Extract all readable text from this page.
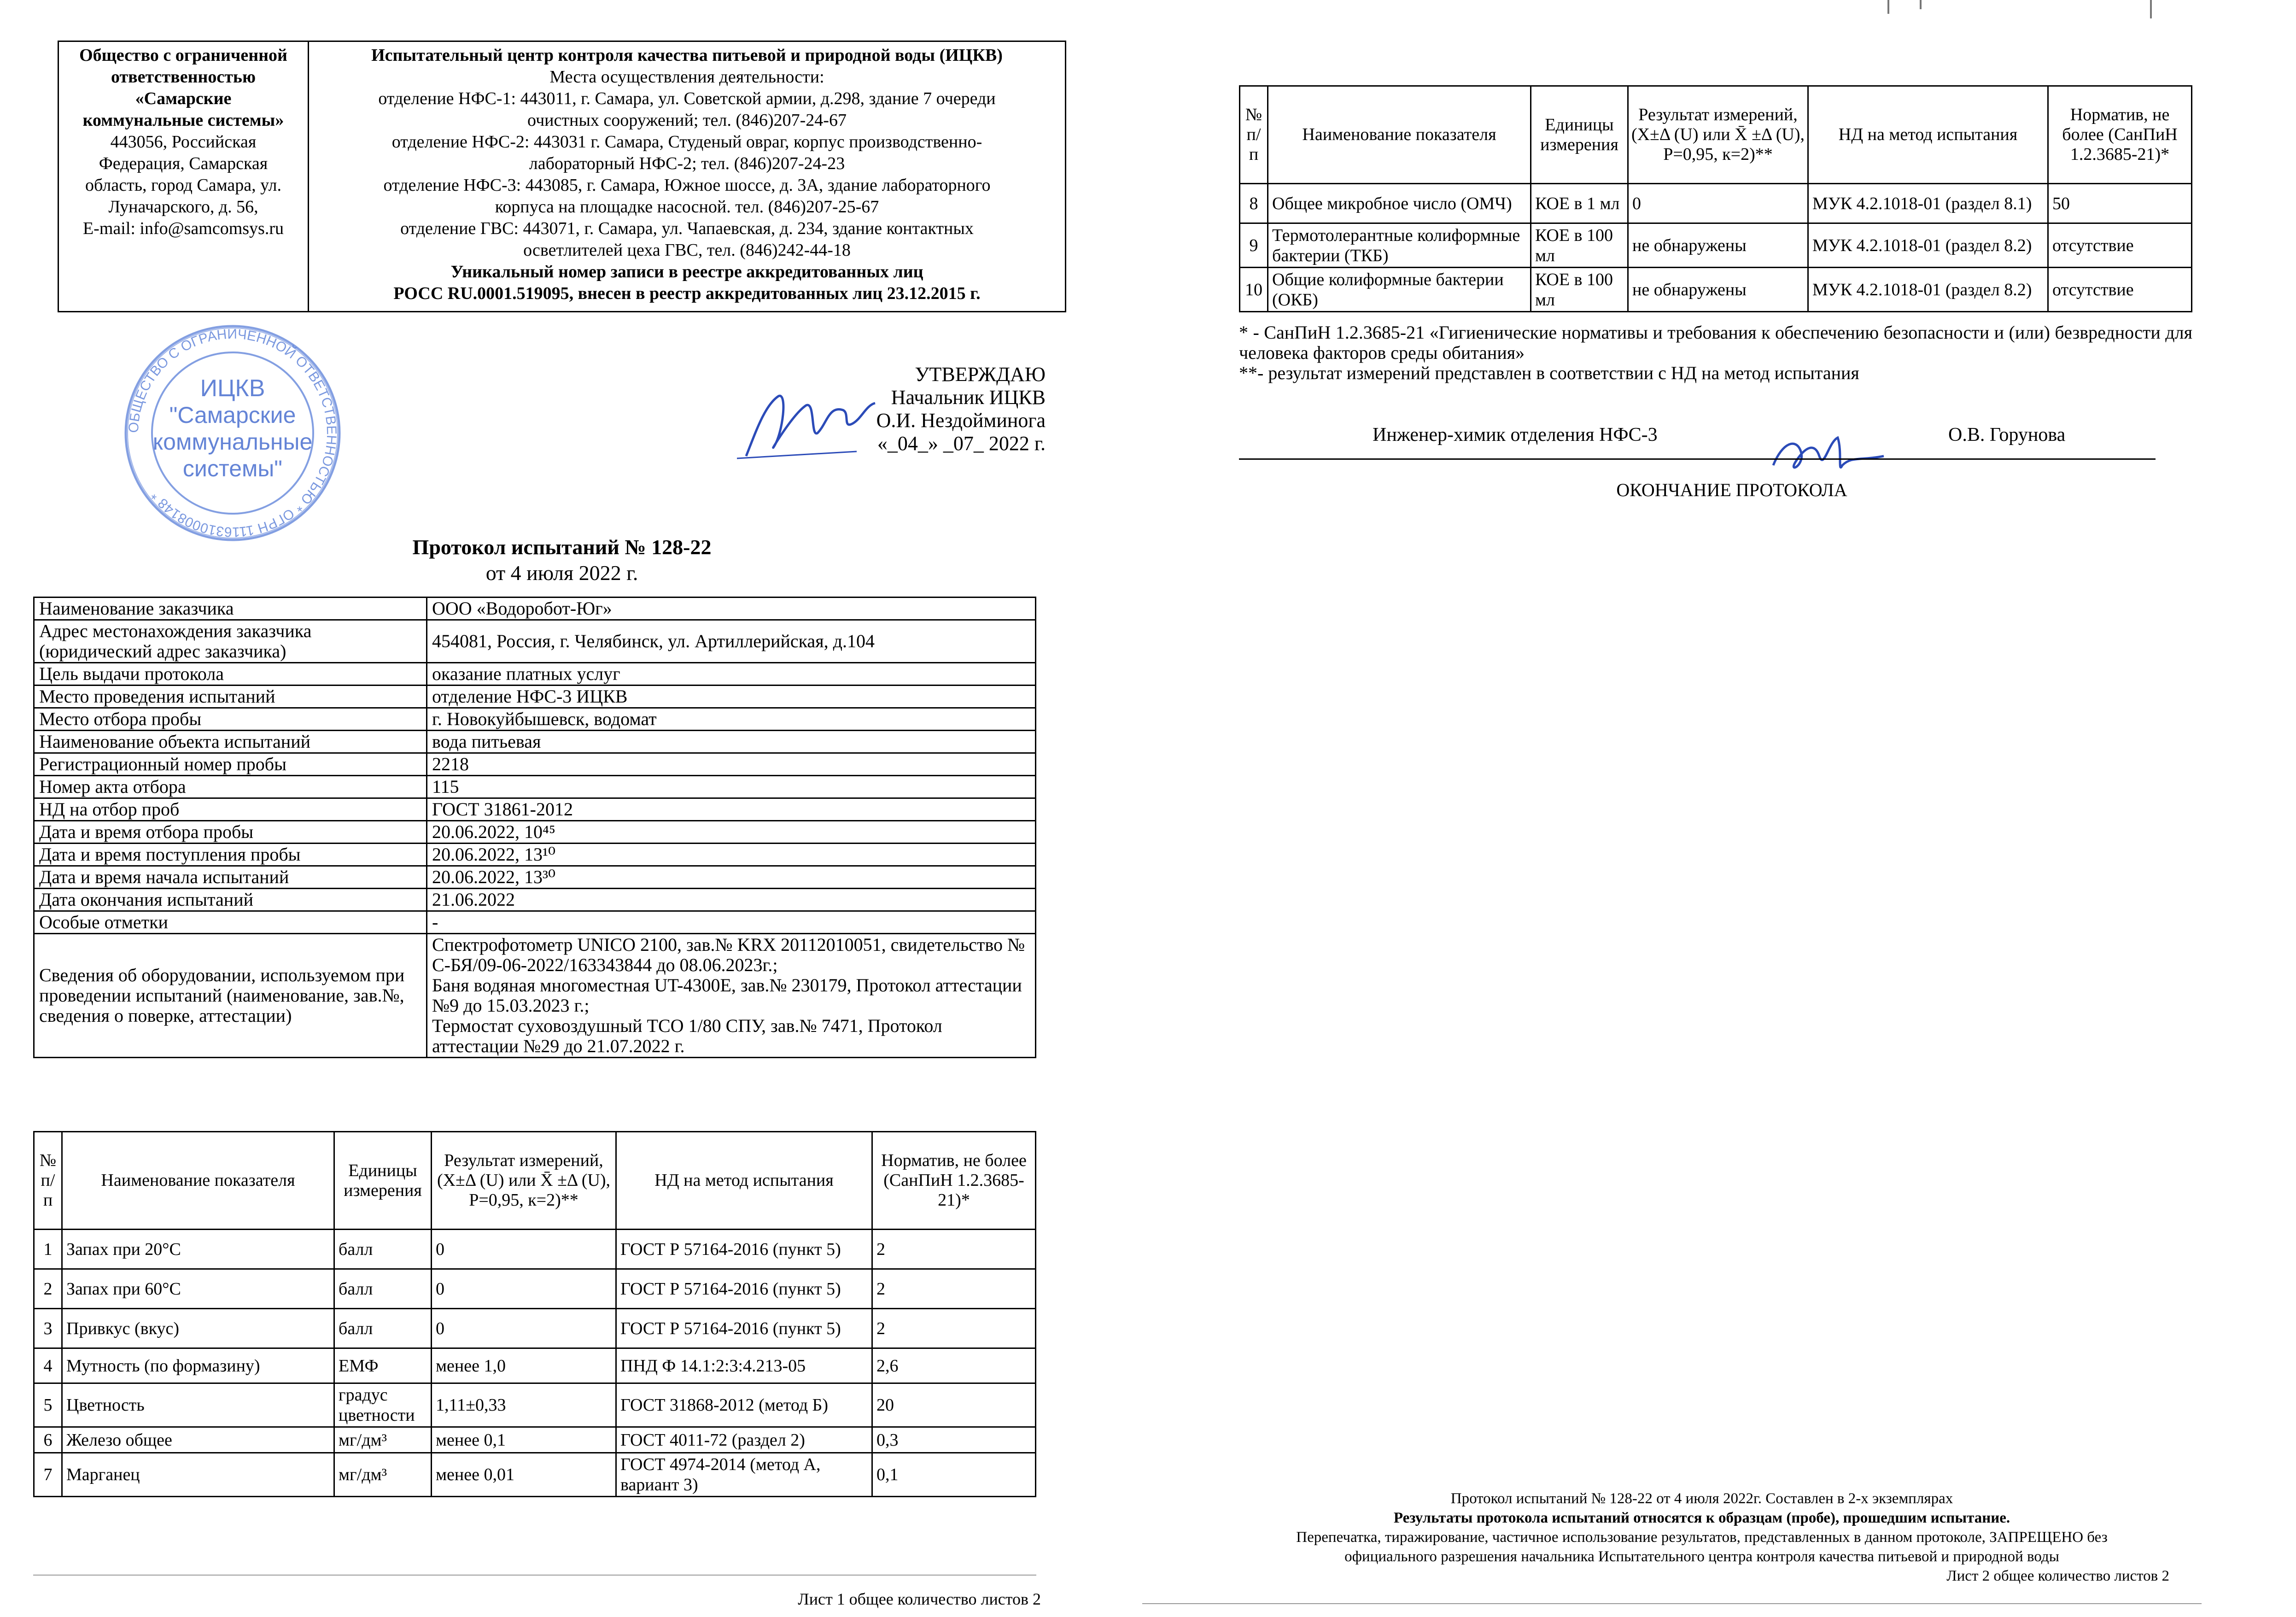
Общество с ограниченной
ответственностью
«Самарские
коммунальные системы»
443056, Российская
Федерация, Самарская
область, город Самара, ул.
Луначарского, д. 56,
E-mail: info@samcomsys.ru	Испытательный центр контроля качества питьевой и природной воды (ИЦКВ)
Места осуществления деятельности:
отделение НФС-1: 443011, г. Самара, ул. Советской армии, д.298, здание 7 очереди
очистных сооружений; тел. (846)207-24-67
отделение НФС-2: 443031 г. Самара, Студеный овраг, корпус производственно-
лабораторный НФС-2; тел. (846)207-24-23
отделение НФС-3: 443085, г. Самара, Южное шоссе, д. 3А, здание лабораторного
корпуса на площадке насосной. тел. (846)207-25-67
отделение ГВС: 443071, г. Самара, ул. Чапаевская, д. 234, здание контактных
осветлителей цеха ГВС, тел. (846)242-44-18
Уникальный номер записи в реестре аккредитованных лиц
РОСС RU.0001.519095, внесен в реестр аккредитованных лиц 23.12.2015 г.
ОБЩЕСТВО С ОГРАНИЧЕННОЙ ОТВЕТСТВЕННОСТЬЮ * ОГРН 1116310008148 *
ИЦКВ
"Самарские
коммунальные
системы"
УТВЕРЖДАЮ
Начальник ИЦКВ
О.И. Нездойминога
«_04_» _07_ 2022 г.
Протокол испытаний № 128-22
от 4 июля 2022 г.
Наименование заказчика	ООО «Водоробот-Юг»
Адрес местонахождения заказчика (юридический адрес заказчика)	454081, Россия, г. Челябинск, ул. Артиллерийская, д.104
Цель выдачи протокола	оказание платных услуг
Место проведения испытаний	отделение НФС-3 ИЦКВ
Место отбора пробы	г. Новокуйбышевск, водомат
Наименование объекта испытаний	вода питьевая
Регистрационный номер пробы	2218
Номер акта отбора	115
НД на отбор проб	ГОСТ 31861-2012
Дата и время отбора пробы	20.06.2022, 10⁴⁵
Дата и время поступления пробы	20.06.2022, 13¹⁰
Дата и время начала испытаний	20.06.2022, 13³⁰
Дата окончания испытаний	21.06.2022
Особые отметки	-
Сведения об оборудовании, используемом при проведении испытаний (наименование, зав.№, сведения о поверке, аттестации)	Спектрофотометр UNICO 2100, зав.№ KRX 20112010051, свидетельство № С-БЯ/09-06-2022/163343844 до 08.06.2023г.;
Баня водяная многоместная UT-4300E, зав.№ 230179, Протокол аттестации №9 до 15.03.2023 г.;
Термостат суховоздушный ТСО 1/80 СПУ, зав.№ 7471, Протокол аттестации №29 до 21.07.2022 г.
№ п/п	Наименование показателя	Единицы измерения	Результат измерений, (X±Δ (U) или X̄ ±Δ (U), P=0,95, к=2)**	НД на метод испытания	Норматив, не более (СанПиН 1.2.3685-21)*
1	Запах при 20°С	балл	0	ГОСТ Р 57164-2016 (пункт 5)	2
2	Запах при 60°С	балл	0	ГОСТ Р 57164-2016 (пункт 5)	2
3	Привкус (вкус)	балл	0	ГОСТ Р 57164-2016 (пункт 5)	2
4	Мутность (по формазину)	ЕМФ	менее 1,0	ПНД Ф 14.1:2:3:4.213-05	2,6
5	Цветность	градус цветности	1,11±0,33	ГОСТ 31868-2012 (метод Б)	20
6	Железо общее	мг/дм³	менее 0,1	ГОСТ 4011-72 (раздел 2)	0,3
7	Марганец	мг/дм³	менее 0,01	ГОСТ 4974-2014 (метод А, вариант 3)	0,1
№ п/п	Наименование показателя	Единицы измерения	Результат измерений, (X±Δ (U) или X̄ ±Δ (U), P=0,95, к=2)**	НД на метод испытания	Норматив, не более (СанПиН 1.2.3685-21)*
8	Общее микробное число (ОМЧ)	КОЕ в 1 мл	0	МУК 4.2.1018-01 (раздел 8.1)	50
9	Термотолерантные колиформные бактерии (ТКБ)	КОЕ в 100 мл	не обнаружены	МУК 4.2.1018-01 (раздел 8.2)	отсутствие
10	Общие колиформные бактерии (ОКБ)	КОЕ в 100 мл	не обнаружены	МУК 4.2.1018-01 (раздел 8.2)	отсутствие
* - СанПиН 1.2.3685-21 «Гигиенические нормативы и требования к обеспечению безопасности и (или) безвредности для человека факторов среды обитания»
**- результат измерений представлен в соответствии с НД на метод испытания
Инженер-химик отделения НФС-3	О.В. Горунова
ОКОНЧАНИЕ ПРОТОКОЛА
Протокол испытаний № 128-22 от 4 июля 2022г. Составлен в 2-х экземплярах
Результаты протокола испытаний относятся к образцам (пробе), прошедшим испытание.
Перепечатка, тиражирование, частичное использование результатов, представленных в данном протоколе, ЗАПРЕЩЕНО без
официального разрешения начальника Испытательного центра контроля качества питьевой и природной воды
Лист 2 общее количество листов 2
Лист 1 общее количество листов 2
